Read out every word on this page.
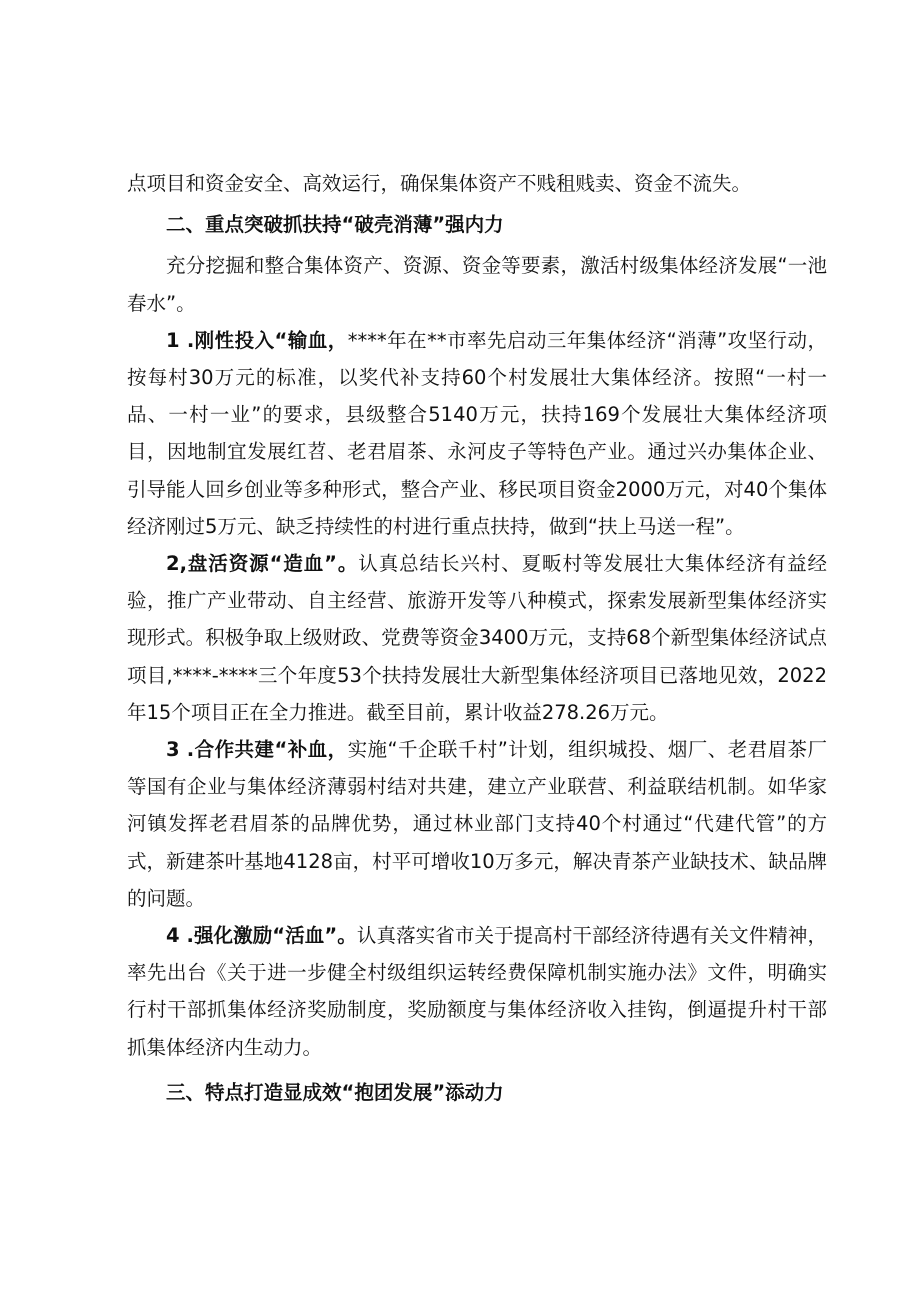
点项目和资金安全、高效运行，确保集体资产不贱租贱卖、资金不流失。

二、重点突破抓扶持“破壳消薄”强内力

充分挖掘和整合集体资产、资源、资金等要素，激活村级集体经济发展“一池春水”。

1 .刚性投入“输血，****年在**市率先启动三年集体经济“消薄”攻坚行动，按每村30万元的标准，以奖代补支持60个村发展壮大集体经济。按照“一村一品、一村一业”的要求，县级整合5140万元，扶持169个发展壮大集体经济项目，因地制宜发展红苕、老君眉茶、永河皮子等特色产业。通过兴办集体企业、引导能人回乡创业等多种形式，整合产业、移民项目资金2000万元，对40个集体经济刚过5万元、缺乏持续性的村进行重点扶持，做到“扶上马送一程”。

2,盘活资源“造血”。认真总结长兴村、夏畈村等发展壮大集体经济有益经验，推广产业带动、自主经营、旅游开发等八种模式，探索发展新型集体经济实现形式。积极争取上级财政、党费等资金3400万元，支持68个新型集体经济试点项目,****-****三个年度53个扶持发展壮大新型集体经济项目已落地见效，2022年15个项目正在全力推进。截至目前，累计收益278.26万元。

3 .合作共建“补血，实施“千企联千村”计划，组织城投、烟厂、老君眉茶厂等国有企业与集体经济薄弱村结对共建，建立产业联营、利益联结机制。如华家河镇发挥老君眉茶的品牌优势，通过林业部门支持40个村通过“代建代管”的方式，新建茶叶基地4128亩，村平可增收10万多元，解决青茶产业缺技术、缺品牌的问题。

4 .强化激励“活血”。认真落实省市关于提高村干部经济待遇有关文件精神，率先出台《关于进一步健全村级组织运转经费保障机制实施办法》文件，明确实行村干部抓集体经济奖励制度，奖励额度与集体经济收入挂钩，倒逼提升村干部抓集体经济内生动力。

三、特点打造显成效“抱团发展”添动力
